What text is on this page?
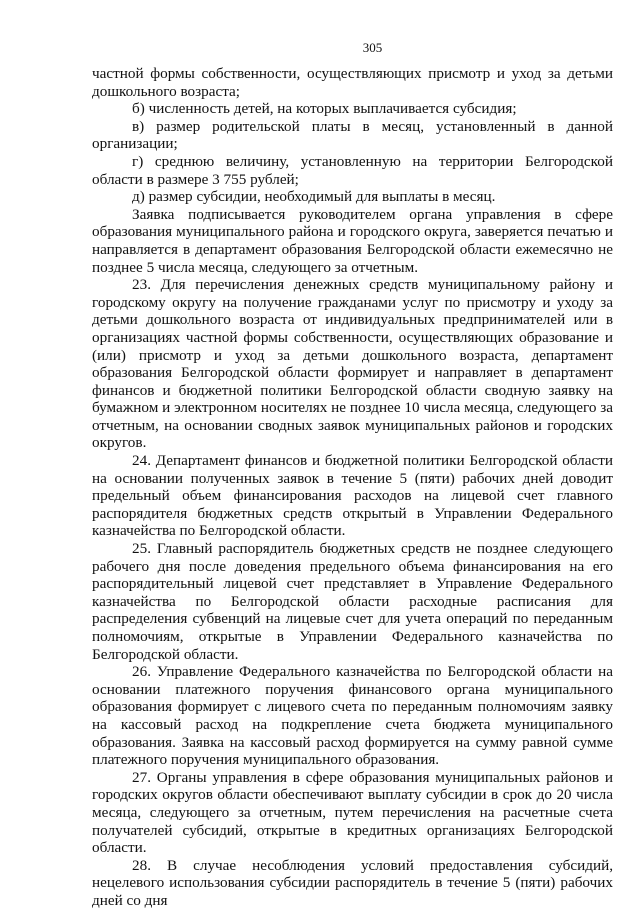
305

частной формы собственности, осуществляющих присмотр и уход за детьми дошкольного возраста;

б) численность детей, на которых выплачивается субсидия;

в) размер родительской платы в месяц, установленный в данной организации;

г) среднюю величину, установленную на территории Белгородской области в размере 3 755 рублей;

д) размер субсидии, необходимый для выплаты в месяц.

Заявка подписывается руководителем органа управления в сфере образования муниципального района и городского округа, заверяется печатью и направляется в департамент образования Белгородской области ежемесячно не позднее 5 числа месяца, следующего за отчетным.

23. Для перечисления денежных средств муниципальному району и городскому округу на получение гражданами услуг по присмотру и уходу за детьми дошкольного возраста от индивидуальных предпринимателей или в организациях частной формы собственности, осуществляющих образование и (или) присмотр и уход за детьми дошкольного возраста, департамент образования Белгородской области формирует и направляет в департамент финансов и бюджетной политики Белгородской области сводную заявку на бумажном и электронном носителях не позднее 10 числа месяца, следующего за отчетным, на основании сводных заявок муниципальных районов и городских округов.

24. Департамент финансов и бюджетной политики Белгородской области на основании полученных заявок в течение 5 (пяти) рабочих дней доводит предельный объем финансирования расходов на лицевой счет главного распорядителя бюджетных средств открытый в Управлении Федерального казначейства по Белгородской области.

25. Главный распорядитель бюджетных средств не позднее следующего рабочего дня после доведения предельного объема финансирования на его распорядительный лицевой счет представляет в Управление Федерального казначейства по Белгородской области расходные расписания для распределения субвенций на лицевые счет для учета операций по переданным полномочиям, открытые в Управлении Федерального казначейства по Белгородской области.

26. Управление Федерального казначейства по Белгородской области на основании платежного поручения финансового органа муниципального образования формирует с лицевого счета по переданным полномочиям заявку на кассовый расход на подкрепление счета бюджета муниципального образования. Заявка на кассовый расход формируется на сумму равной сумме платежного поручения муниципального образования.

27. Органы управления в сфере образования муниципальных районов и городских округов области обеспечивают выплату субсидии в срок до 20 числа месяца, следующего за отчетным, путем перечисления на расчетные счета получателей субсидий, открытые в кредитных организациях Белгородской области.

28. В случае несоблюдения условий предоставления субсидий, нецелевого использования субсидии распорядитель в течение 5 (пяти) рабочих дней со дня
